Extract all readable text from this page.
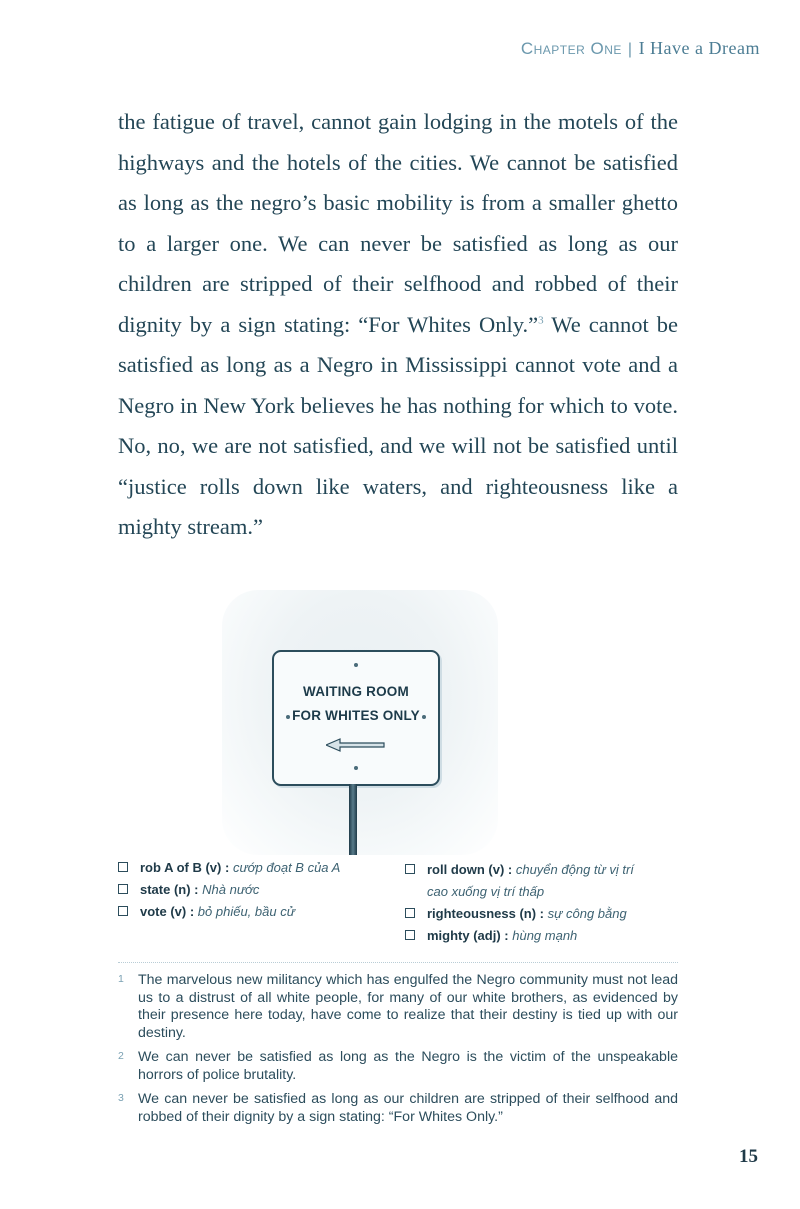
Chapter One | I Have a Dream

the fatigue of travel, cannot gain lodging in the motels of the highways and the hotels of the cities. We cannot be satisfied as long as the negro’s basic mobility is from a smaller ghetto to a larger one. We can never be satisfied as long as our children are stripped of their selfhood and robbed of their dignity by a sign stating: “For Whites Only.”$^3$ We cannot be satisfied as long as a Negro in Mississippi cannot vote and a Negro in New York believes he has nothing for which to vote. No, no, we are not satisfied, and we will not be satisfied until “justice rolls down like waters, and righteousness like a mighty stream.”

WAITING ROOM
FOR WHITES ONLY
rob A of B (v) : cướp đoạt B của A
state (n) : Nhà nước
vote (v) : bỏ phiếu, bầu cử
roll down (v) : chuyển động từ vị trí
cao xuống vị trí thấp
righteousness (n) : sự công bằng
mighty (adj) : hùng mạnh
1 The marvelous new militancy which has engulfed the Negro community must not lead us to a distrust of all white people, for many of our white brothers, as evidenced by their presence here today, have come to realize that their destiny is tied up with our destiny.
2 We can never be satisfied as long as the Negro is the victim of the unspeakable horrors of police brutality.
3 We can never be satisfied as long as our children are stripped of their selfhood and robbed of their dignity by a sign stating: “For Whites Only.”
15
